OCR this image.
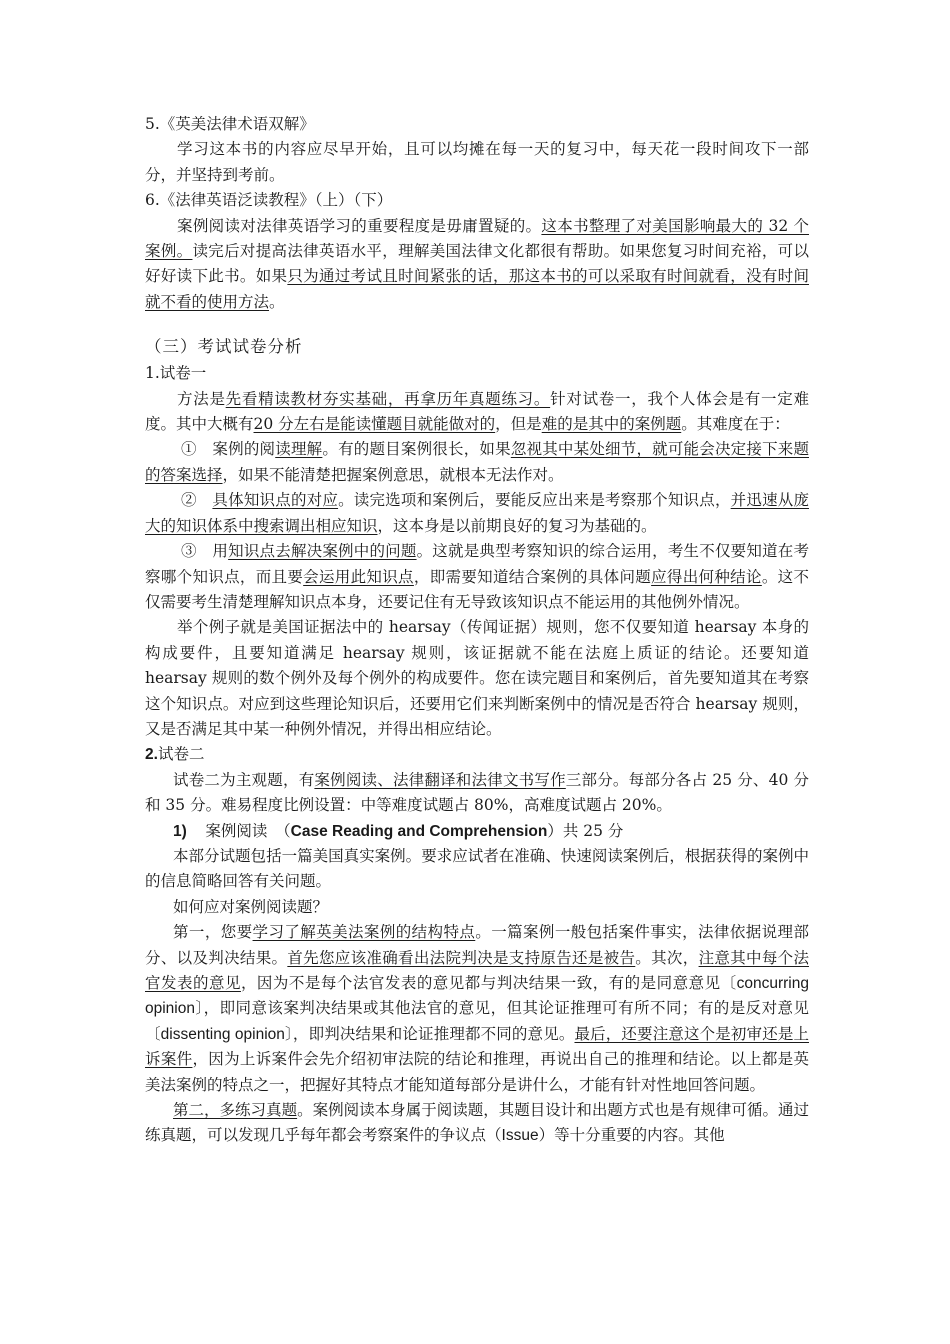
5.《英美法律术语双解》

学习这本书的内容应尽早开始，且可以均摊在每一天的复习中，每天花一段时间攻下一部分，并坚持到考前。

6.《法律英语泛读教程》（上）（下）

案例阅读对法律英语学习的重要程度是毋庸置疑的。这本书整理了对美国影响最大的 32 个案例。读完后对提高法律英语水平，理解美国法律文化都很有帮助。如果您复习时间充裕，可以好好读下此书。如果只为通过考试且时间紧张的话，那这本书的可以采取有时间就看，没有时间就不看的使用方法。

（三）考试试卷分析

1.试卷一

方法是先看精读教材夯实基础，再拿历年真题练习。针对试卷一，我个人体会是有一定难度。其中大概有20 分左右是能读懂题目就能做对的，但是难的是其中的案例题。其难度在于：

①　案例的阅读理解。有的题目案例很长，如果忽视其中某处细节，就可能会决定接下来题的答案选择，如果不能清楚把握案例意思，就根本无法作对。

②　具体知识点的对应。读完选项和案例后，要能反应出来是考察那个知识点，并迅速从庞大的知识体系中搜索调出相应知识，这本身是以前期良好的复习为基础的。

③　用知识点去解决案例中的问题。这就是典型考察知识的综合运用，考生不仅要知道在考察哪个知识点，而且要会运用此知识点，即需要知道结合案例的具体问题应得出何种结论。这不仅需要考生清楚理解知识点本身，还要记住有无导致该知识点不能运用的其他例外情况。

举个例子就是美国证据法中的 hearsay（传闻证据）规则，您不仅要知道 hearsay 本身的构成要件，且要知道满足 hearsay 规则，该证据就不能在法庭上质证的结论。还要知道 hearsay 规则的数个例外及每个例外的构成要件。您在读完题目和案例后，首先要知道其在考察这个知识点。对应到这些理论知识后，还要用它们来判断案例中的情况是否符合 hearsay 规则，又是否满足其中某一种例外情况，并得出相应结论。

2.试卷二

试卷二为主观题，有案例阅读、法律翻译和法律文书写作三部分。每部分各占 25 分、40 分和 35 分。难易程度比例设置：中等难度试题占 80%，高难度试题占 20%。

1)   案例阅读　（Case Reading and Comprehension）共 25 分

本部分试题包括一篇美国真实案例。要求应试者在准确、快速阅读案例后，根据获得的案例中的信息简略回答有关问题。

如何应对案例阅读题？

第一，您要学习了解英美法案例的结构特点。一篇案例一般包括案件事实，法律依据说理部分、以及判决结果。首先您应该准确看出法院判决是支持原告还是被告。其次，注意其中每个法官发表的意见，因为不是每个法官发表的意见都与判决结果一致，有的是同意意见〔concurring opinion〕，即同意该案判决结果或其他法官的意见，但其论证推理可有所不同；有的是反对意见〔dissenting opinion〕，即判决结果和论证推理都不同的意见。最后，还要注意这个是初审还是上诉案件，因为上诉案件会先介绍初审法院的结论和推理，再说出自己的推理和结论。以上都是英美法案例的特点之一，把握好其特点才能知道每部分是讲什么，才能有针对性地回答问题。

第二，多练习真题。案例阅读本身属于阅读题，其题目设计和出题方式也是有规律可循。通过练真题，可以发现几乎每年都会考察案件的争议点（Issue）等十分重要的内容。其他
